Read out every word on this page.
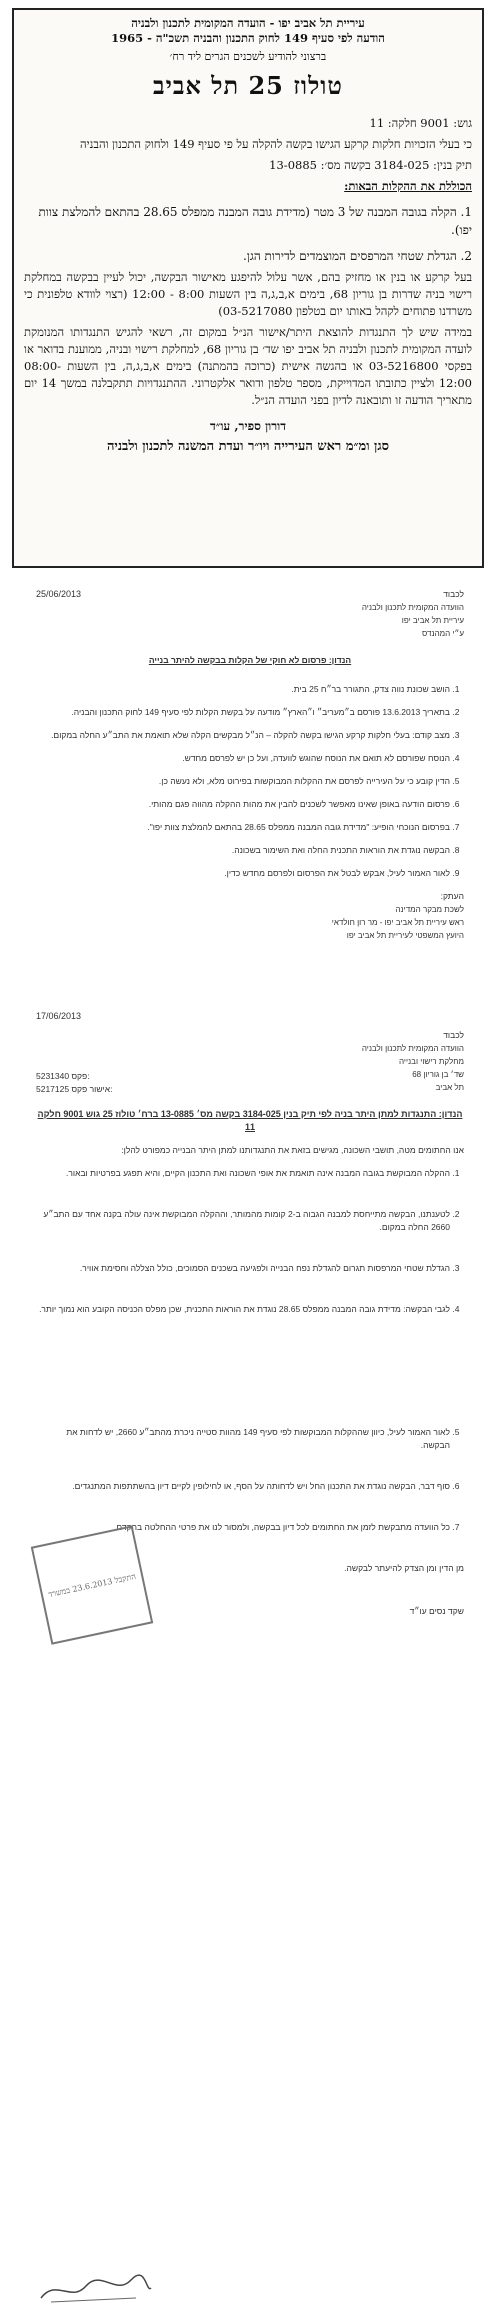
עיריית תל אביב יפו - הועדה המקומית לתכנון ולבניה
הודעה לפי סעיף 149 לחוק התכנון והבניה תשכ"ה - 1965
ברצוני להודיע לשכנים הגרים ליד רח׳
טולוז 25 תל אביב

גוש: 9001 חלקה: 11

כי בעלי הזכויות חלקות קרקע הגישו בקשה להקלה על פי סעיף 149 ולחוק התכנון והבניה

תיק בנין: 3184-025 בקשה מס׳: 13-0885

הכוללת את ההקלות הבאות:

1. הקלה בגובה המבנה של 3 מטר (מדידת גובה המבנה ממפלס 28.65 בהתאם להמלצת צוות יפו).
2. הגדלת שטחי המרפסים המוצמדים לדירות הגן.

בעל קרקע או בנין או מחזיק בהם, אשר עלול להיפגע מאישור הבקשה, יכול לעיין בבקשה במחלקת רישוי בניה שדרות בן גוריון 68, בימים א,ב,ג,ה בין השעות 8:00 - 12:00 (רצוי לוודא טלפונית כי משרדנו פתוחים לקהל באותו יום בטלפון 03-5217080)

במידה שיש לך התנגדות להוצאת היתר/אישור הנ״ל במקום זה, רשאי להגיש התנגדותו המנומקת לועדה המקומית לתכנון ולבניה תל אביב יפו שד׳ בן גוריון 68, למחלקת רישוי ובניה, ממוענת בדואר או בפקסי 03-5216800 או בהגשה אישית (כרוכה בהמתנה) בימים א,ב,ג,ה, בין השעות 08:00-12:00 ולציין כתובתו המדוייקת, מספר טלפון ודואר אלקטרוני. ההתנגדויות תתקבלנה במשך 14 יום מתאריך הודעה זו ותובאנה לדיון בפני הועדה הנ״ל.

דורון ספיר, עו״ד
סגן ומ״מ ראש העירייה ויו״ר ועדת המשנה לתכנון ולבניה
לכבוד
הוועדה המקומית לתכנון ולבניה
עיריית תל אביב יפו
ע״י המהנדס
25/06/2013
הנדון: פרסום לא חוקי של הקלות בבקשה להיתר בנייה
1. הושב שכונת נווה צדק, התגורר בר״ח 25 בית.
2. בתאריך 13.6.2013 פורסם ב״מעריב״ ו״הארץ״ מודעה על בקשת הקלות לפי סעיף 149 לחוק התכנון והבניה.
3. מצב קודם: בעלי חלקות קרקע הגישו בקשה להקלה – הנ״ל מבקשים הקלה שלא תואמת את התב״ע החלה במקום.
4. הנוסח שפורסם לא תואם את הנוסח שהוגש לוועדה, ועל כן יש לפרסם מחדש.
5. הדין קובע כי על העירייה לפרסם את ההקלות המבוקשות בפירוט מלא, ולא נעשה כן.
6. פרסום הודעה באופן שאינו מאפשר לשכנים להבין את מהות ההקלה מהווה פגם מהותי.
7. בפרסום הנוכחי הופיע: "מדידת גובה המבנה ממפלס 28.65 בהתאם להמלצת צוות יפו".
8. הבקשה נוגדת את הוראות התכנית החלה ואת השימור בשכונה.
9. לאור האמור לעיל, אבקש לבטל את הפרסום ולפרסם מחדש כדין.
העתק:
לשכת מבקר המדינה
ראש עיריית תל אביב יפו - מר רון חולדאי
היועץ המשפטי לעיריית תל אביב יפו
17/06/2013
לכבוד
הוועדה המקומית לתכנון ולבניה
מחלקת רישוי ובנייה
שד׳ בן גוריון 68
תל אביב
5231340 פקס:
5217125 אישור פקס:
הנדון: התנגדות למתן היתר בניה לפי תיק בנין 3184-025 בקשה מס׳ 13-0885 ברח׳ טולוז 25 גוש 9001 חלקה 11

אנו החתומים מטה, תושבי השכונה, מגישים בזאת את התנגדותנו למתן היתר הבנייה כמפורט להלן:

1. ההקלה המבוקשת בגובה המבנה אינה תואמת את אופי השכונה ואת התכנון הקיים, והיא תפגע בפרטיות ובאור.
2. לטענתנו, הבקשה מתייחסת למבנה הגבוה ב-2 קומות מהמותר, וההקלה המבוקשת אינה עולה בקנה אחד עם התב״ע 2660 החלה במקום.
3. הגדלת שטחי המרפסות תגרום להגדלת נפח הבנייה ולפגיעה בשכנים הסמוכים, כולל הצללה וחסימת אוויר.
4. לגבי הבקשה: מדידת גובה המבנה ממפלס 28.65 נוגדת את הוראות התכנית, שכן מפלס הכניסה הקובע הוא נמוך יותר.
5. לאור האמור לעיל, כיוון שההקלות המבוקשות לפי סעיף 149 מהוות סטייה ניכרת מהתב״ע 2660, יש לדחות את הבקשה.
6. סוף דבר, הבקשה נוגדת את התכנון החל ויש לדחותה על הסף, או לחילופין לקיים דיון בהשתתפות המתנגדים.
7. כל הוועדה מתבקשת לזמן את החתומים לכל דיון בבקשה, ולמסור לנו את פרטי ההחלטה בהקדם.

מן הדין ומן הצדק להיעתר לבקשה.

שקד נסים עו״ד
התקבל 23.6.2013 במשרד
